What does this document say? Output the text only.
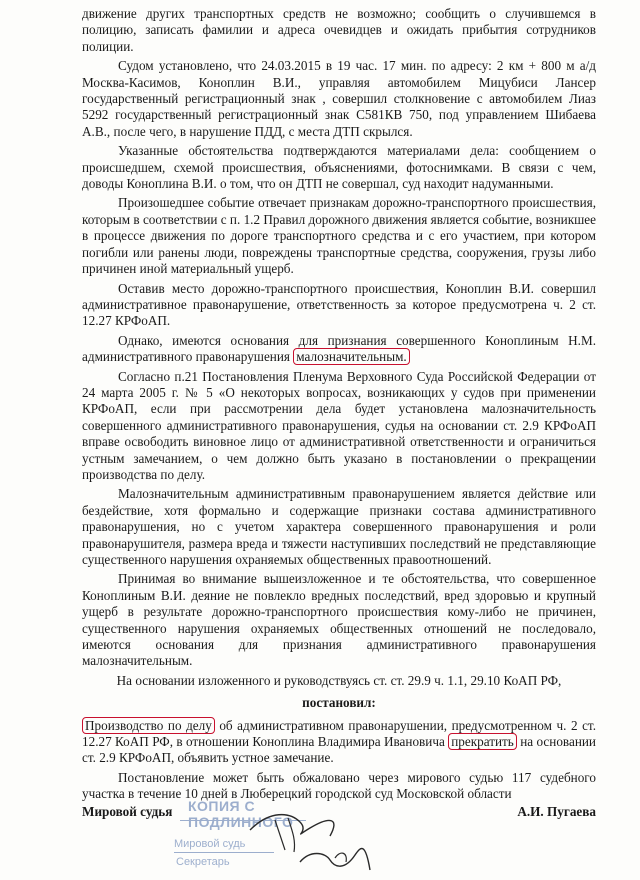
движение других транспортных средств не возможно; сообщить о случившемся в полицию, записать фамилии и адреса очевидцев и ожидать прибытия сотрудников полиции.

Судом установлено, что 24.03.2015 в 19 час. 17 мин. по адресу: 2 км + 800 м а/д Москва-Касимов, Коноплин В.И., управляя автомобилем Мицубиси Лансер государственный регистрационный знак , совершил столкновение с автомобилем Лиаз 5292 государственный регистрационный знак С581КВ 750, под управлением Шибаева А.В., после чего, в нарушение ПДД, с места ДТП скрылся.

Указанные обстоятельства подтверждаются материалами дела: сообщением о происшедшем, схемой происшествия, объяснениями, фотоснимками. В связи с чем, доводы Коноплина В.И. о том, что он ДТП не совершал, суд находит надуманными.

Произошедшее событие отвечает признакам дорожно-транспортного происшествия, которым в соответствии с п. 1.2 Правил дорожного движения является событие, возникшее в процессе движения по дороге транспортного средства и с его участием, при котором погибли или ранены люди, повреждены транспортные средства, сооружения, грузы либо причинен иной материальный ущерб.

Оставив место дорожно-транспортного происшествия, Коноплин В.И. совершил административное правонарушение, ответственность за которое предусмотрена ч. 2 ст. 12.27 КРФоАП.

Однако, имеются основания для признания совершенного Коноплиным Н.М. административного правонарушения малозначительным.

Согласно п.21 Постановления Пленума Верховного Суда Российской Федерации от 24 марта 2005 г. № 5 «О некоторых вопросах, возникающих у судов при применении КРФоАП, если при рассмотрении дела будет установлена малозначительность совершенного административного правонарушения, судья на основании ст. 2.9 КРФоАП вправе освободить виновное лицо от административной ответственности и ограничиться устным замечанием, о чем должно быть указано в постановлении о прекращении производства по делу.

Малозначительным административным правонарушением является действие или бездействие, хотя формально и содержащие признаки состава административного правонарушения, но с учетом характера совершенного правонарушения и роли правонарушителя, размера вреда и тяжести наступивших последствий не представляющие существенного нарушения охраняемых общественных правоотношений.

Принимая во внимание вышеизложенное и те обстоятельства, что совершенное Коноплиным В.И. деяние не повлекло вредных последствий, вред здоровью и крупный ущерб в результате дорожно-транспортного происшествия кому-либо не причинен, существенного нарушения охраняемых общественных отношений не последовало, имеются основания для признания административного правонарушения малозначительным.

На основании изложенного и руководствуясь ст. ст. 29.9 ч. 1.1, 29.10 КоАП РФ,

постановил:

Производство по делу об административном правонарушении, предусмотренном ч. 2 ст. 12.27 КоАП РФ, в отношении Коноплина Владимира Ивановича прекратить на основании ст. 2.9 КРФоАП, объявить устное замечание.

Постановление может быть обжаловано через мирового судью 117 судебного участка в течение 10 дней в Люберецкий городской суд Московской области

КОПИЯ С ПОДЛИННОГО
Мировой судь
Секретарь
Мировой судья	А.И. Пугаева
